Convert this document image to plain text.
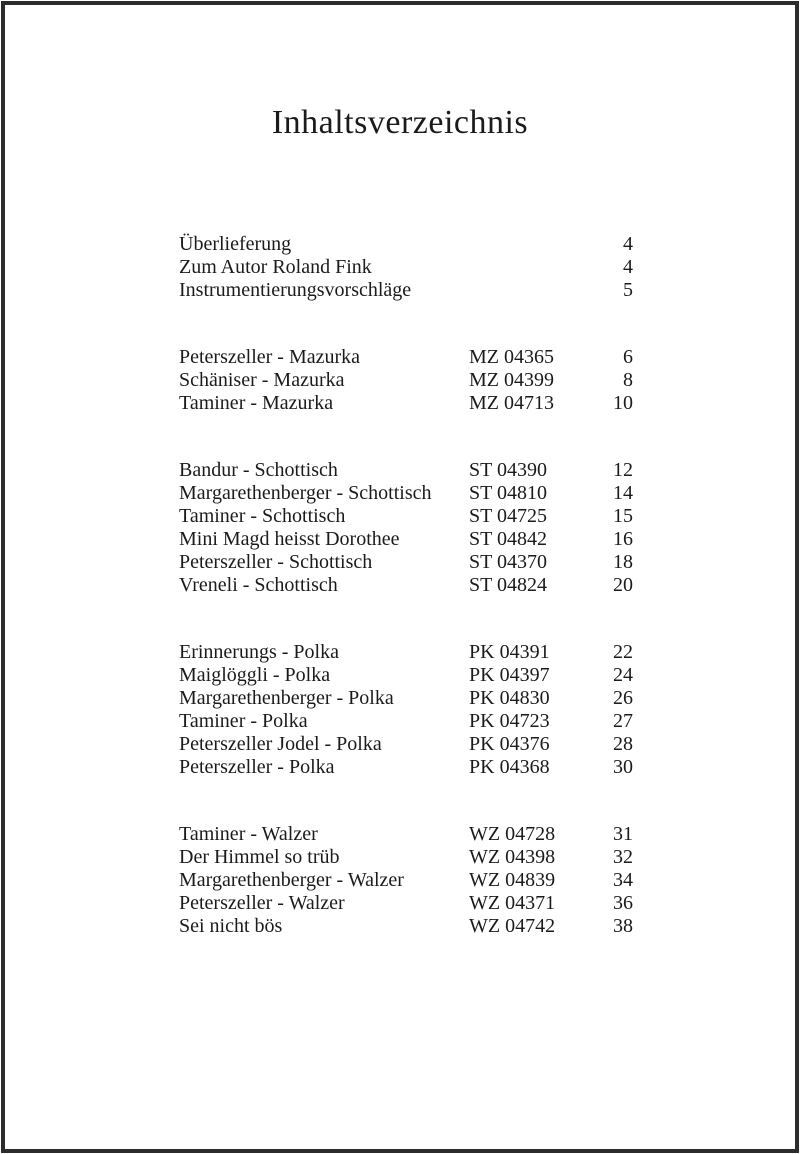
Inhaltsverzeichnis
Überlieferung	4
Zum Autor Roland Fink	4
Instrumentierungsvorschläge	5
Peterszeller - Mazurka	MZ 04365	6
Schäniser - Mazurka	MZ 04399	8
Taminer - Mazurka	MZ 04713	10
Bandur - Schottisch	ST 04390	12
Margarethenberger - Schottisch ST 04810	14
Taminer - Schottisch	ST 04725	15
Mini Magd heisst Dorothee	ST 04842	16
Peterszeller - Schottisch	ST 04370	18
Vreneli - Schottisch	ST 04824	20
Erinnerungs - Polka	PK 04391	22
Maiglöggli - Polka	PK 04397	24
Margarethenberger - Polka	PK 04830	26
Taminer - Polka	PK 04723	27
Peterszeller Jodel - Polka	PK 04376	28
Peterszeller - Polka	PK 04368	30
Taminer - Walzer	WZ 04728	31
Der Himmel so trüb	WZ 04398	32
Margarethenberger - Walzer	WZ 04839	34
Peterszeller - Walzer	WZ 04371	36
Sei nicht bös	WZ 04742	38
